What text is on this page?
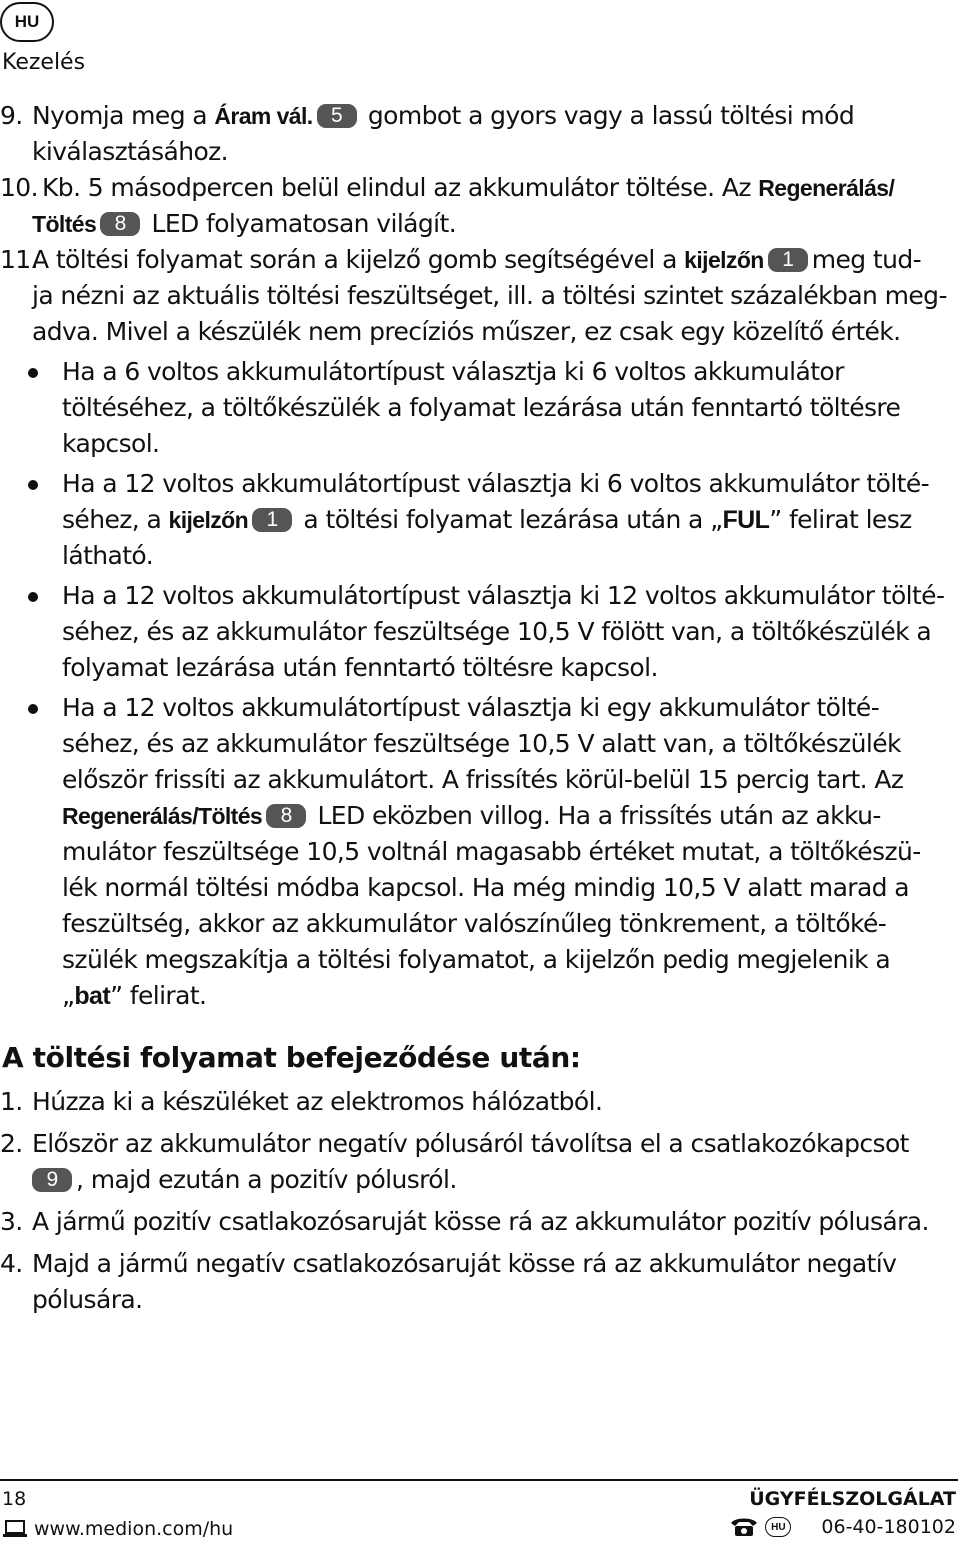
HU
Kezelés
9. Nyomja meg a Áram vál. 5 gombot a gyors vagy a lassú töltési mód
kiválasztásához.
10. Kb. 5 másodpercen belül elindul az akkumulátor töltése. Az Regenerálás/
Töltés 8 LED folyamatosan világít.
11.
A töltési folyamat során a kijelző gomb segítségével a kijelzőn 1 meg tud-
ja nézni az aktuális töltési feszültséget, ill. a töltési szintet százalékban meg-
adva. Mivel a készülék nem precíziós műszer, ez csak egy közelítő érték.
Ha a 6 voltos akkumulátortípust választja ki 6 voltos akkumulátor
töltéséhez, a töltőkészülék a folyamat lezárása után fenntartó töltésre
kapcsol.
Ha a 12 voltos akkumulátortípust választja ki 6 voltos akkumulátor tölté-
séhez, a kijelzőn 1 a töltési folyamat lezárása után a „FUL” felirat lesz
látható.
Ha a 12 voltos akkumulátortípust választja ki 12 voltos akkumulátor tölté-
séhez, és az akkumulátor feszültsége 10,5 V fölött van, a töltőkészülék a
folyamat lezárása után fenntartó töltésre kapcsol.
Ha a 12 voltos akkumulátortípust választja ki egy akkumulátor tölté-
séhez, és az akkumulátor feszültsége 10,5 V alatt van, a töltőkészülék
először frissíti az akkumulátort. A frissítés körül-belül 15 percig tart. Az
Regenerálás/Töltés 8 LED eközben villog. Ha a frissítés után az akku-
mulátor feszültsége 10,5 voltnál magasabb értéket mutat, a töltőkészü-
lék normál töltési módba kapcsol. Ha még mindig 10,5 V alatt marad a
feszültség, akkor az akkumulátor valószínűleg tönkrement, a töltőké-
szülék megszakítja a töltési folyamatot, a kijelzőn pedig megjelenik a
„bat” felirat.
A töltési folyamat befejeződése után:
1. Húzza ki a készüléket az elektromos hálózatból.
2. Először az akkumulátor negatív pólusáról távolítsa el a csatlakozókapcsot
9 , majd ezután a pozitív pólusról.
3. A jármű pozitív csatlakozósaruját kösse rá az akkumulátor pozitív pólusára.
4. Majd a jármű negatív csatlakozósaruját kösse rá az akkumulátor negatív
pólusára.
18	ÜGYFÉLSZOLGÁLAT
www.medion.com/hu	HU	06-40-180102
